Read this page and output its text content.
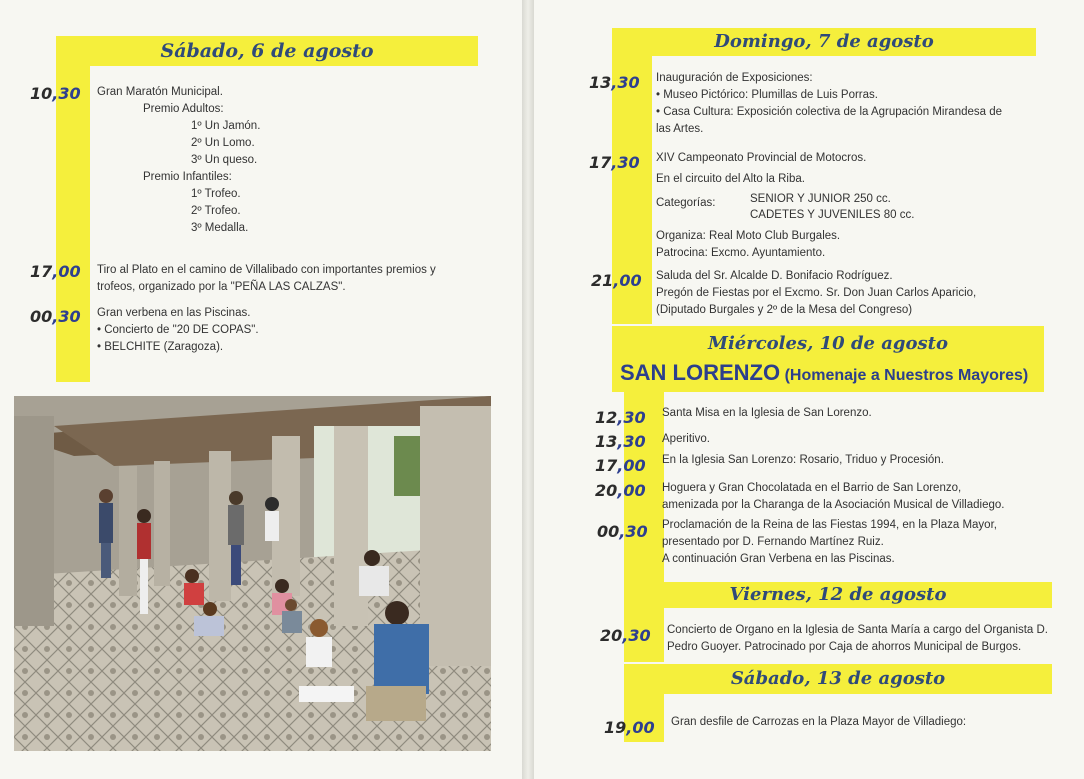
Sábado, 6 de agosto
10,30 Gran Maratón Municipal.
Premio Adultos:
1º Un Jamón.
2º Un Lomo.
3º Un queso.
Premio Infantiles:
1º Trofeo.
2º Trofeo.
3º Medalla.
17,00 Tiro al Plato en el camino de Villalibado con importantes premios y
trofeos, organizado por la "PEÑA LAS CALZAS".
00,30 Gran verbena en las Piscinas.
• Concierto de "20 DE COPAS".
• BELCHITE (Zaragoza).
Domingo, 7 de agosto
13,30 Inauguración de Exposiciones:
• Museo Pictórico: Plumillas de Luis Porras.
• Casa Cultura: Exposición colectiva de la Agrupación Mirandesa de
las Artes.
17,30 XIV Campeonato Provincial de Motocros.
En el circuito del Alto la Riba.
Categorías:	SENIOR Y JUNIOR 250 cc.
CADETES Y JUVENILES 80 cc.
Organiza: Real Moto Club Burgales.
Patrocina: Excmo. Ayuntamiento.
21,00 Saluda del Sr. Alcalde D. Bonifacio Rodríguez.
Pregón de Fiestas por el Excmo. Sr. Don Juan Carlos Aparicio,
(Diputado Burgales y 2º de la Mesa del Congreso)
Miércoles, 10 de agosto
SAN LORENZO (Homenaje a Nuestros Mayores)
12,30 Santa Misa en la Iglesia de San Lorenzo.
13,30 Aperitivo.
17,00 En la Iglesia San Lorenzo: Rosario, Triduo y Procesión.
20,00 Hoguera y Gran Chocolatada en el Barrio de San Lorenzo,
amenizada por la Charanga de la Asociación Musical de Villadiego.
00,30 Proclamación de la Reina de las Fiestas 1994, en la Plaza Mayor,
presentado por D. Fernando Martínez Ruiz.
A continuación Gran Verbena en las Piscinas.
Viernes, 12 de agosto
20,30 Concierto de Organo en la Iglesia de Santa María a cargo del Organista D.
Pedro Guoyer. Patrocinado por Caja de ahorros Municipal de Burgos.
Sábado, 13 de agosto
19,00 Gran desfile de Carrozas en la Plaza Mayor de Villadiego:
